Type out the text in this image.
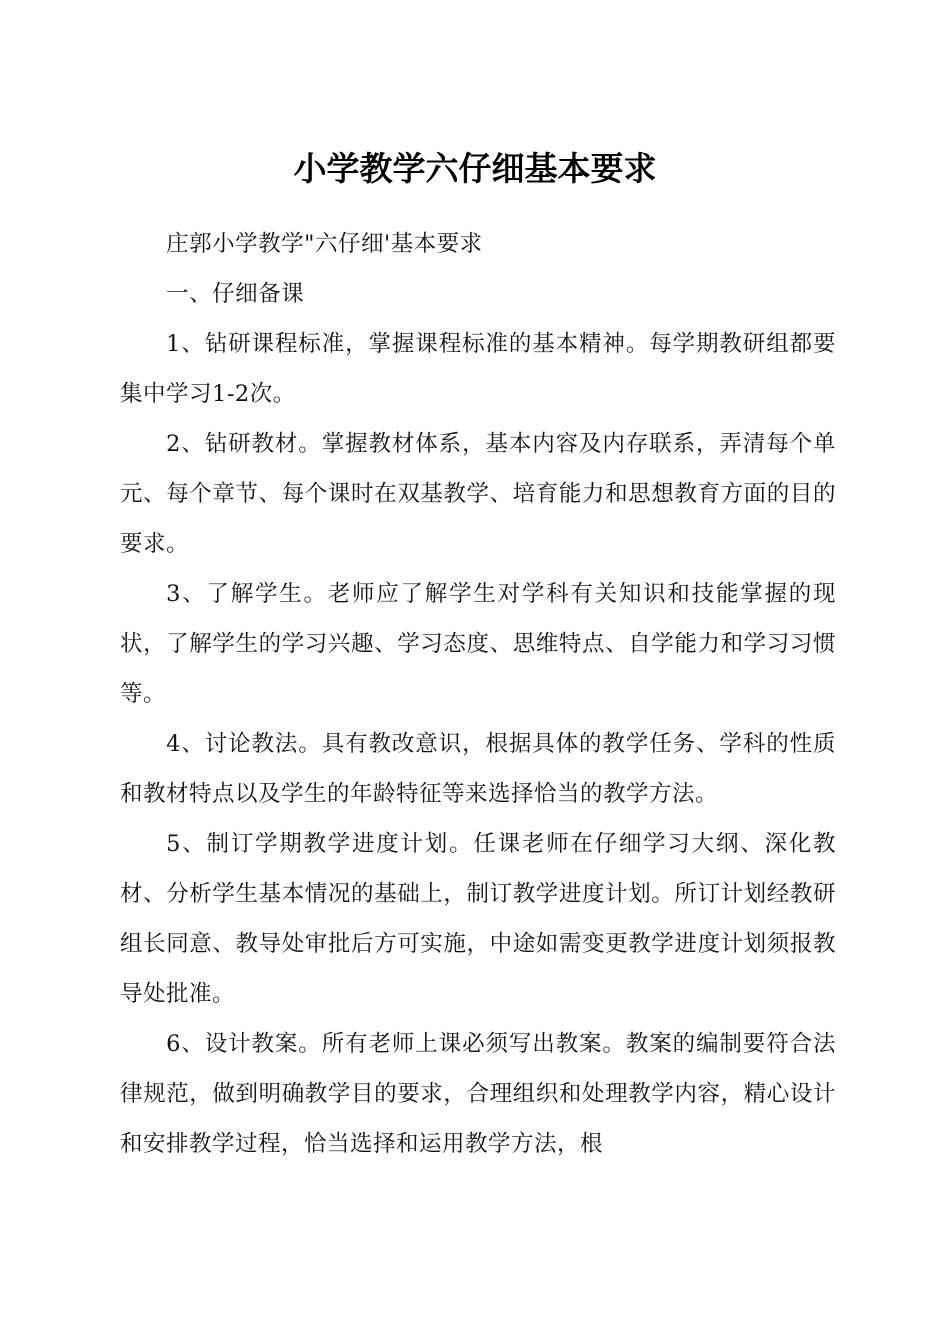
小学教学六仔细基本要求

庄郭小学教学"六仔细'基本要求

一、仔细备课

1、钻研课程标准，掌握课程标准的基本精神。每学期教研组都要集中学习1-2次。

2、钻研教材。掌握教材体系，基本内容及内存联系，弄清每个单元、每个章节、每个课时在双基教学、培育能力和思想教育方面的目的要求。

3、了解学生。老师应了解学生对学科有关知识和技能掌握的现状，了解学生的学习兴趣、学习态度、思维特点、自学能力和学习习惯等。

4、讨论教法。具有教改意识，根据具体的教学任务、学科的性质和教材特点以及学生的年龄特征等来选择恰当的教学方法。

5、制订学期教学进度计划。任课老师在仔细学习大纲、深化教材、分析学生基本情况的基础上，制订教学进度计划。所订计划经教研组长同意、教导处审批后方可实施，中途如需变更教学进度计划须报教导处批准。

6、设计教案。所有老师上课必须写出教案。教案的编制要符合法律规范，做到明确教学目的要求，合理组织和处理教学内容，精心设计和安排教学过程，恰当选择和运用教学方法，根
